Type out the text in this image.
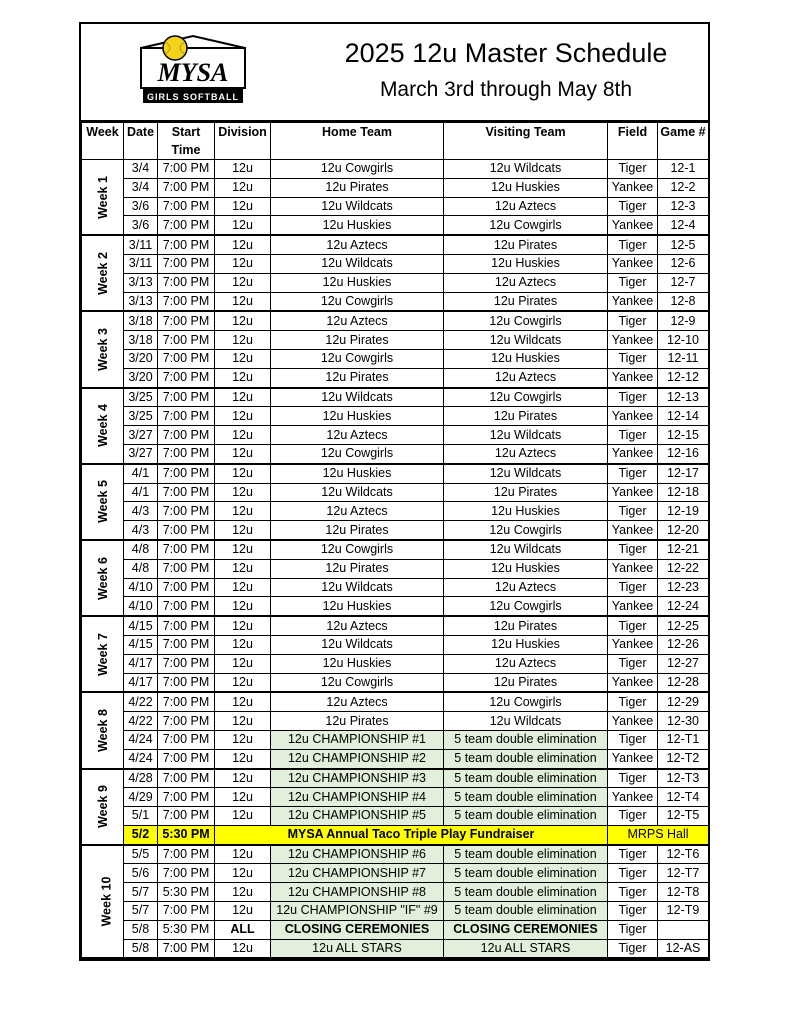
MYSA
GIRLS SOFTBALL
2025 12u Master Schedule
March 3rd through May 8th
Week	Date	Start Time	Division	Home Team	Visiting Team	Field	Game #
Week 1	3/4	7:00 PM	12u	12u Cowgirls	12u Wildcats	Tiger	12-1
	3/4	7:00 PM	12u	12u Pirates	12u Huskies	Yankee	12-2
	3/6	7:00 PM	12u	12u Wildcats	12u Aztecs	Tiger	12-3
	3/6	7:00 PM	12u	12u Huskies	12u Cowgirls	Yankee	12-4
Week 2	3/11	7:00 PM	12u	12u Aztecs	12u Pirates	Tiger	12-5
	3/11	7:00 PM	12u	12u Wildcats	12u Huskies	Yankee	12-6
	3/13	7:00 PM	12u	12u Huskies	12u Aztecs	Tiger	12-7
	3/13	7:00 PM	12u	12u Cowgirls	12u Pirates	Yankee	12-8
Week 3	3/18	7:00 PM	12u	12u Aztecs	12u Cowgirls	Tiger	12-9
	3/18	7:00 PM	12u	12u Pirates	12u Wildcats	Yankee	12-10
	3/20	7:00 PM	12u	12u Cowgirls	12u Huskies	Tiger	12-11
	3/20	7:00 PM	12u	12u Pirates	12u Aztecs	Yankee	12-12
Week 4	3/25	7:00 PM	12u	12u Wildcats	12u Cowgirls	Tiger	12-13
	3/25	7:00 PM	12u	12u Huskies	12u Pirates	Yankee	12-14
	3/27	7:00 PM	12u	12u Aztecs	12u Wildcats	Tiger	12-15
	3/27	7:00 PM	12u	12u Cowgirls	12u Aztecs	Yankee	12-16
Week 5	4/1	7:00 PM	12u	12u Huskies	12u Wildcats	Tiger	12-17
	4/1	7:00 PM	12u	12u Wildcats	12u Pirates	Yankee	12-18
	4/3	7:00 PM	12u	12u Aztecs	12u Huskies	Tiger	12-19
	4/3	7:00 PM	12u	12u Pirates	12u Cowgirls	Yankee	12-20
Week 6	4/8	7:00 PM	12u	12u Cowgirls	12u Wildcats	Tiger	12-21
	4/8	7:00 PM	12u	12u Pirates	12u Huskies	Yankee	12-22
	4/10	7:00 PM	12u	12u Wildcats	12u Aztecs	Tiger	12-23
	4/10	7:00 PM	12u	12u Huskies	12u Cowgirls	Yankee	12-24
Week 7	4/15	7:00 PM	12u	12u Aztecs	12u Pirates	Tiger	12-25
	4/15	7:00 PM	12u	12u Wildcats	12u Huskies	Yankee	12-26
	4/17	7:00 PM	12u	12u Huskies	12u Aztecs	Tiger	12-27
	4/17	7:00 PM	12u	12u Cowgirls	12u Pirates	Yankee	12-28
Week 8	4/22	7:00 PM	12u	12u Aztecs	12u Cowgirls	Tiger	12-29
	4/22	7:00 PM	12u	12u Pirates	12u Wildcats	Yankee	12-30
	4/24	7:00 PM	12u	12u CHAMPIONSHIP #1	5 team double elimination	Tiger	12-T1
	4/24	7:00 PM	12u	12u CHAMPIONSHIP #2	5 team double elimination	Yankee	12-T2
Week 9	4/28	7:00 PM	12u	12u CHAMPIONSHIP #3	5 team double elimination	Tiger	12-T3
	4/29	7:00 PM	12u	12u CHAMPIONSHIP #4	5 team double elimination	Yankee	12-T4
	5/1	7:00 PM	12u	12u CHAMPIONSHIP #5	5 team double elimination	Tiger	12-T5
	5/2	5:30 PM	MYSA Annual Taco Triple Play Fundraiser			MRPS Hall	
Week 10	5/5	7:00 PM	12u	12u CHAMPIONSHIP #6	5 team double elimination	Tiger	12-T6
	5/6	7:00 PM	12u	12u CHAMPIONSHIP #7	5 team double elimination	Tiger	12-T7
	5/7	5:30 PM	12u	12u CHAMPIONSHIP #8	5 team double elimination	Tiger	12-T8
	5/7	7:00 PM	12u	12u CHAMPIONSHIP "IF" #9	5 team double elimination	Tiger	12-T9
	5/8	5:30 PM	ALL	CLOSING CEREMONIES	CLOSING CEREMONIES	Tiger	
	5/8	7:00 PM	12u	12u ALL STARS	12u ALL STARS	Tiger	12-AS
